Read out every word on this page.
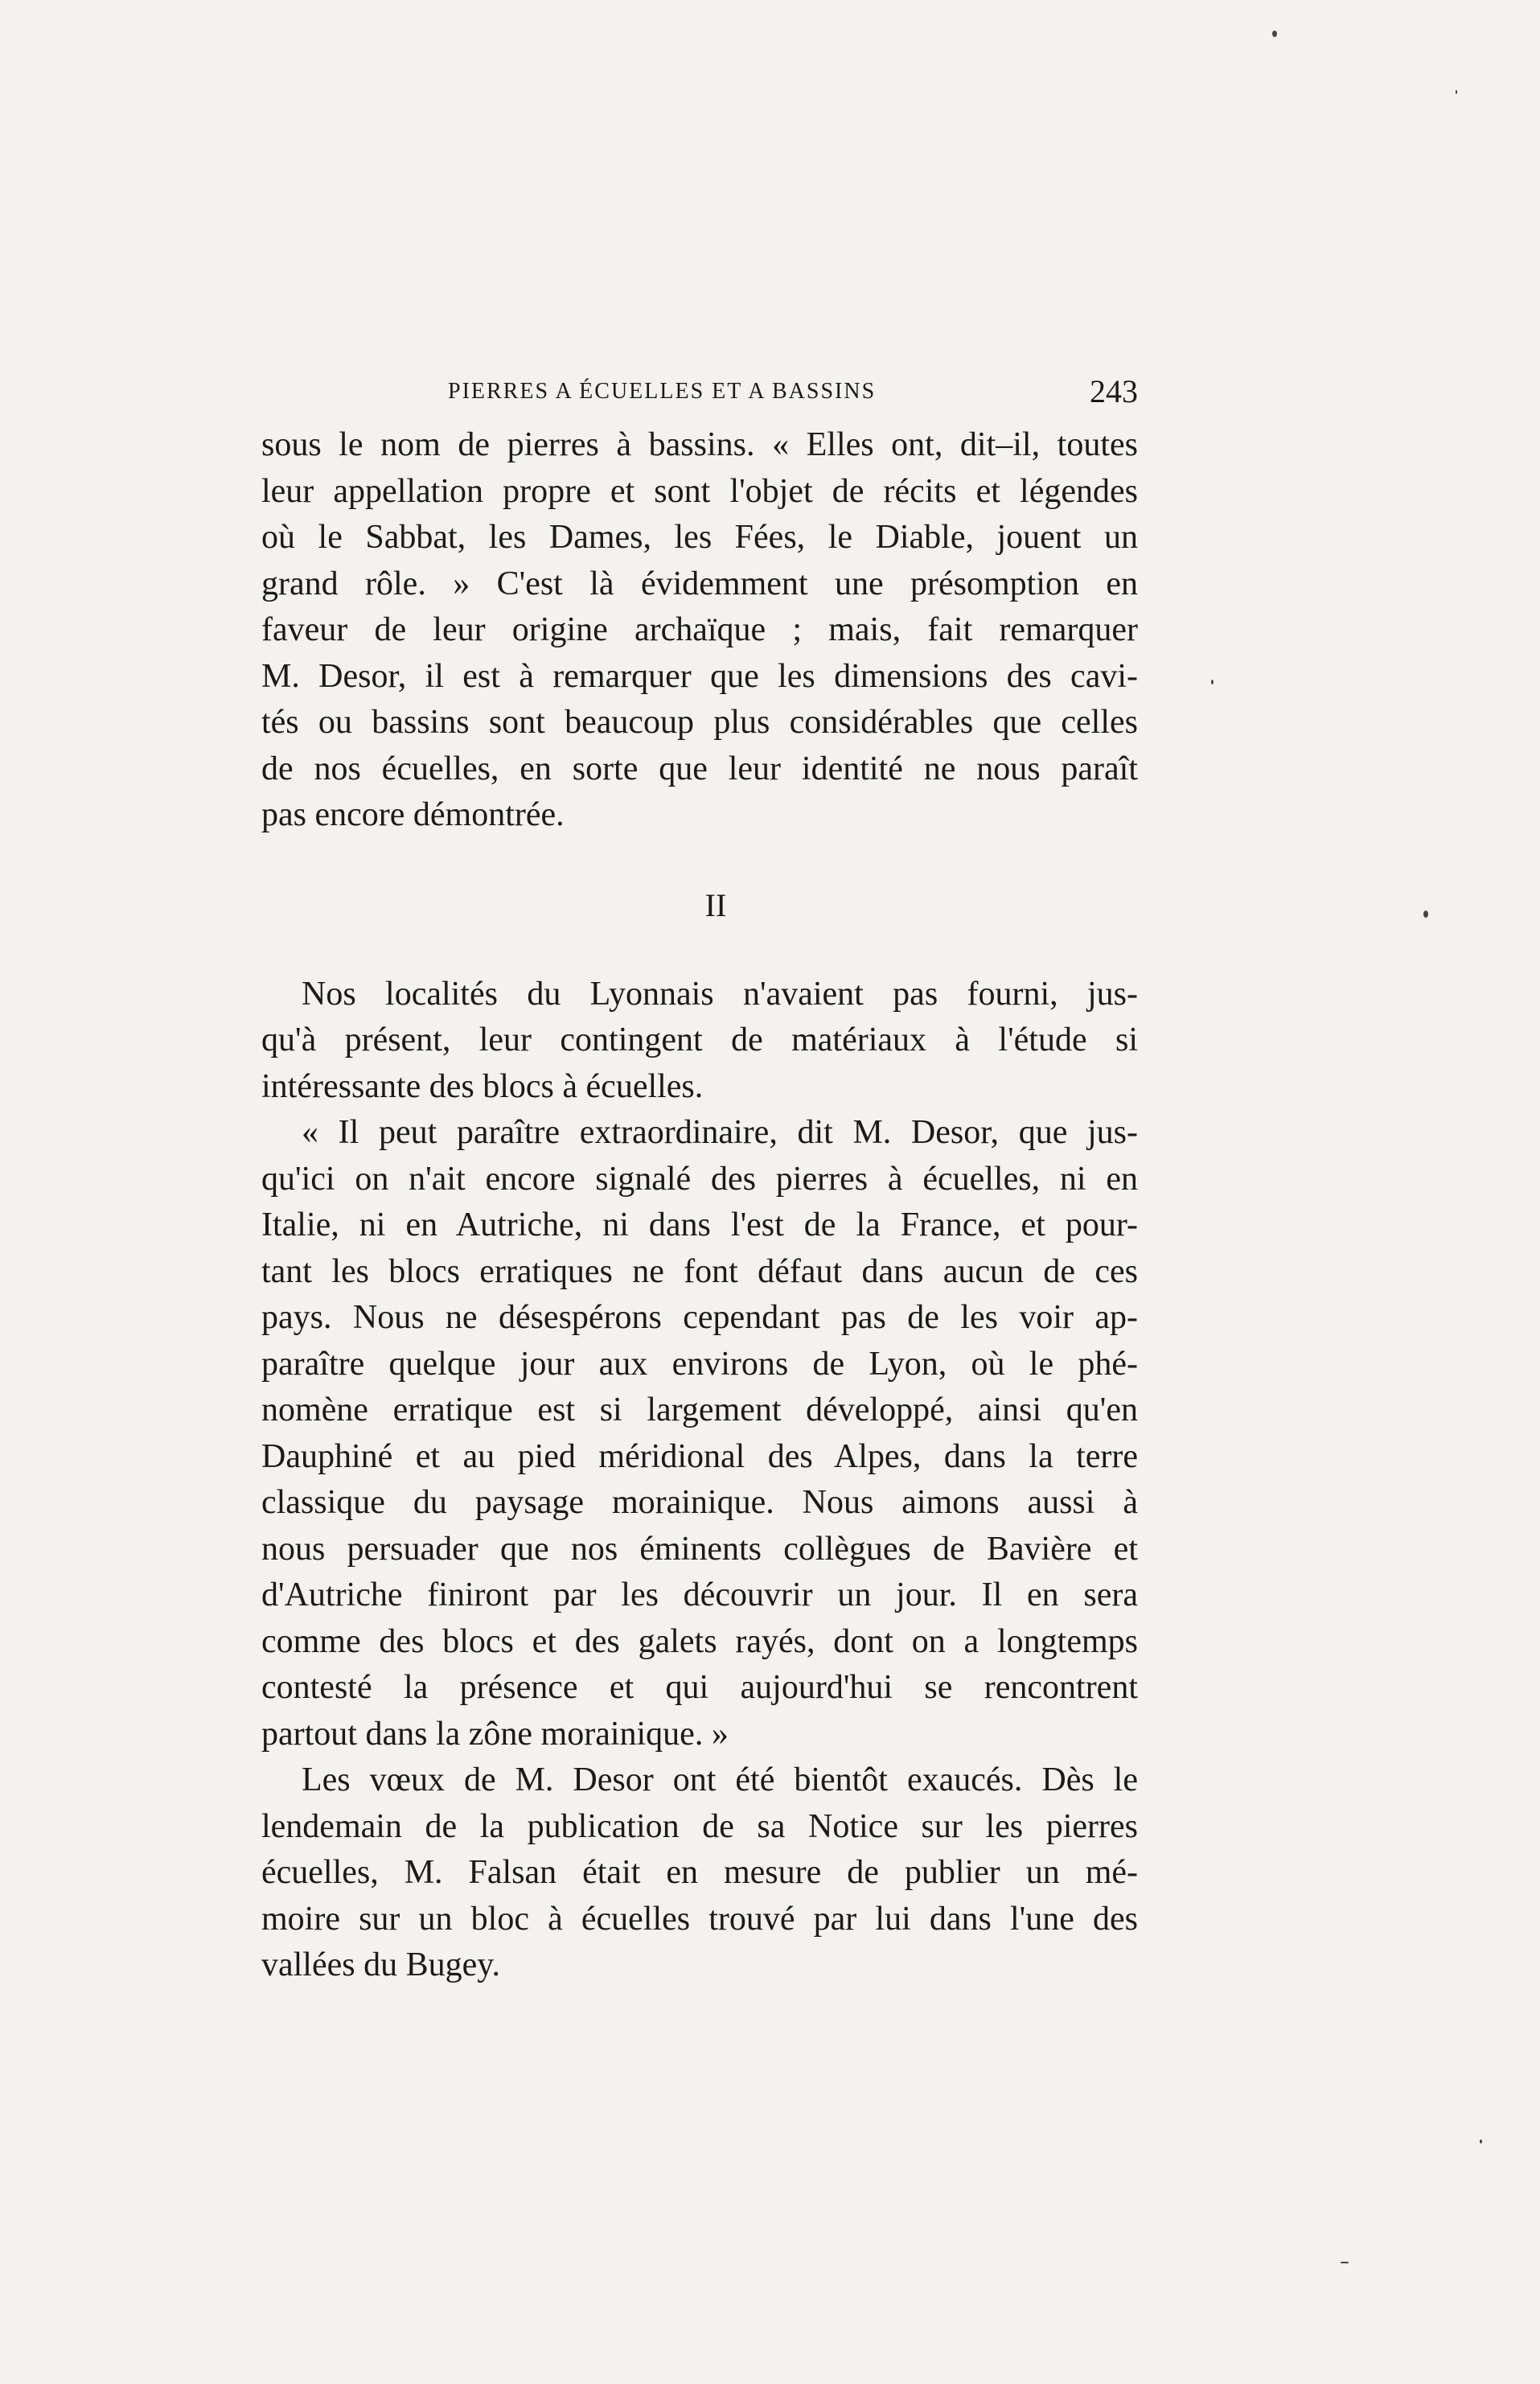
PIERRES A ÉCUELLES ET A BASSINS	243
sous le nom de pierres à bassins. « Elles ont, dit–il, toutes
leur appellation propre et sont l'objet de récits et légendes
où le Sabbat, les Dames, les Fées, le Diable, jouent un
grand rôle. » C'est là évidemment une présomption en
faveur de leur origine archaïque ; mais, fait remarquer
M. Desor, il est à remarquer que les dimensions des cavi-
tés ou bassins sont beaucoup plus considérables que celles
de nos écuelles, en sorte que leur identité ne nous paraît
pas encore démontrée.
II
Nos localités du Lyonnais n'avaient pas fourni, jus-
qu'à présent, leur contingent de matériaux à l'étude si
intéressante des blocs à écuelles.
« Il peut paraître extraordinaire, dit M. Desor, que jus-
qu'ici on n'ait encore signalé des pierres à écuelles, ni en
Italie, ni en Autriche, ni dans l'est de la France, et pour-
tant les blocs erratiques ne font défaut dans aucun de ces
pays. Nous ne désespérons cependant pas de les voir ap-
paraître quelque jour aux environs de Lyon, où le phé-
nomène erratique est si largement développé, ainsi qu'en
Dauphiné et au pied méridional des Alpes, dans la terre
classique du paysage morainique. Nous aimons aussi à
nous persuader que nos éminents collègues de Bavière et
d'Autriche finiront par les découvrir un jour. Il en sera
comme des blocs et des galets rayés, dont on a longtemps
contesté la présence et qui aujourd'hui se rencontrent
partout dans la zône morainique. »
Les vœux de M. Desor ont été bientôt exaucés. Dès le
lendemain de la publication de sa Notice sur les pierres
écuelles, M. Falsan était en mesure de publier un mé-
moire sur un bloc à écuelles trouvé par lui dans l'une des
vallées du Bugey.
